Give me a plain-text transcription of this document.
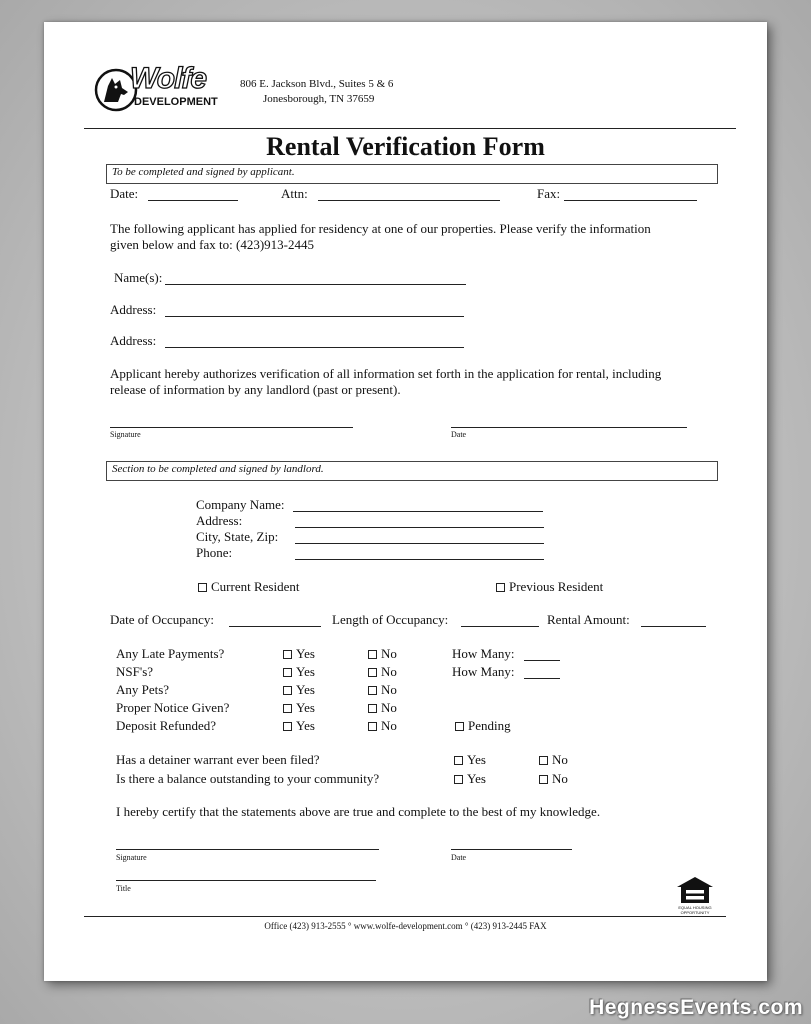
Wolfe
DEVELOPMENT
806 E. Jackson Blvd., Suites 5 & 6
Jonesborough, TN 37659
Rental Verification Form
To be completed and signed by applicant.
Date:	Attn:	Fax:
The following applicant has applied for residency at one of our properties. Please verify the information
given below and fax to: (423)913-2445
Name(s):
Address:
Address:
Applicant hereby authorizes verification of all information set forth in the application for rental, including
release of information by any landlord (past or present).
Signature	Date
Section to be completed and signed by landlord.
Company Name:
Address:
City, State, Zip:
Phone:
Current Resident	Previous Resident
Date of Occupancy:	Length of Occupancy:	Rental Amount:
Any Late Payments?	Yes	No	How Many:
NSF's?	Yes	No	How Many:
Any Pets?	Yes	No
Proper Notice Given?	Yes	No
Deposit Refunded?	Yes	No	Pending
Has a detainer warrant ever been filed?	Yes	No
Is there a balance outstanding to your community?	Yes	No
I hereby certify that the statements above are true and complete to the best of my knowledge.
Signature	Date
Title
EQUAL HOUSING
OPPORTUNITY
Office (423) 913-2555 ° www.wolfe-development.com ° (423) 913-2445 FAX
HegnessEvents.com
